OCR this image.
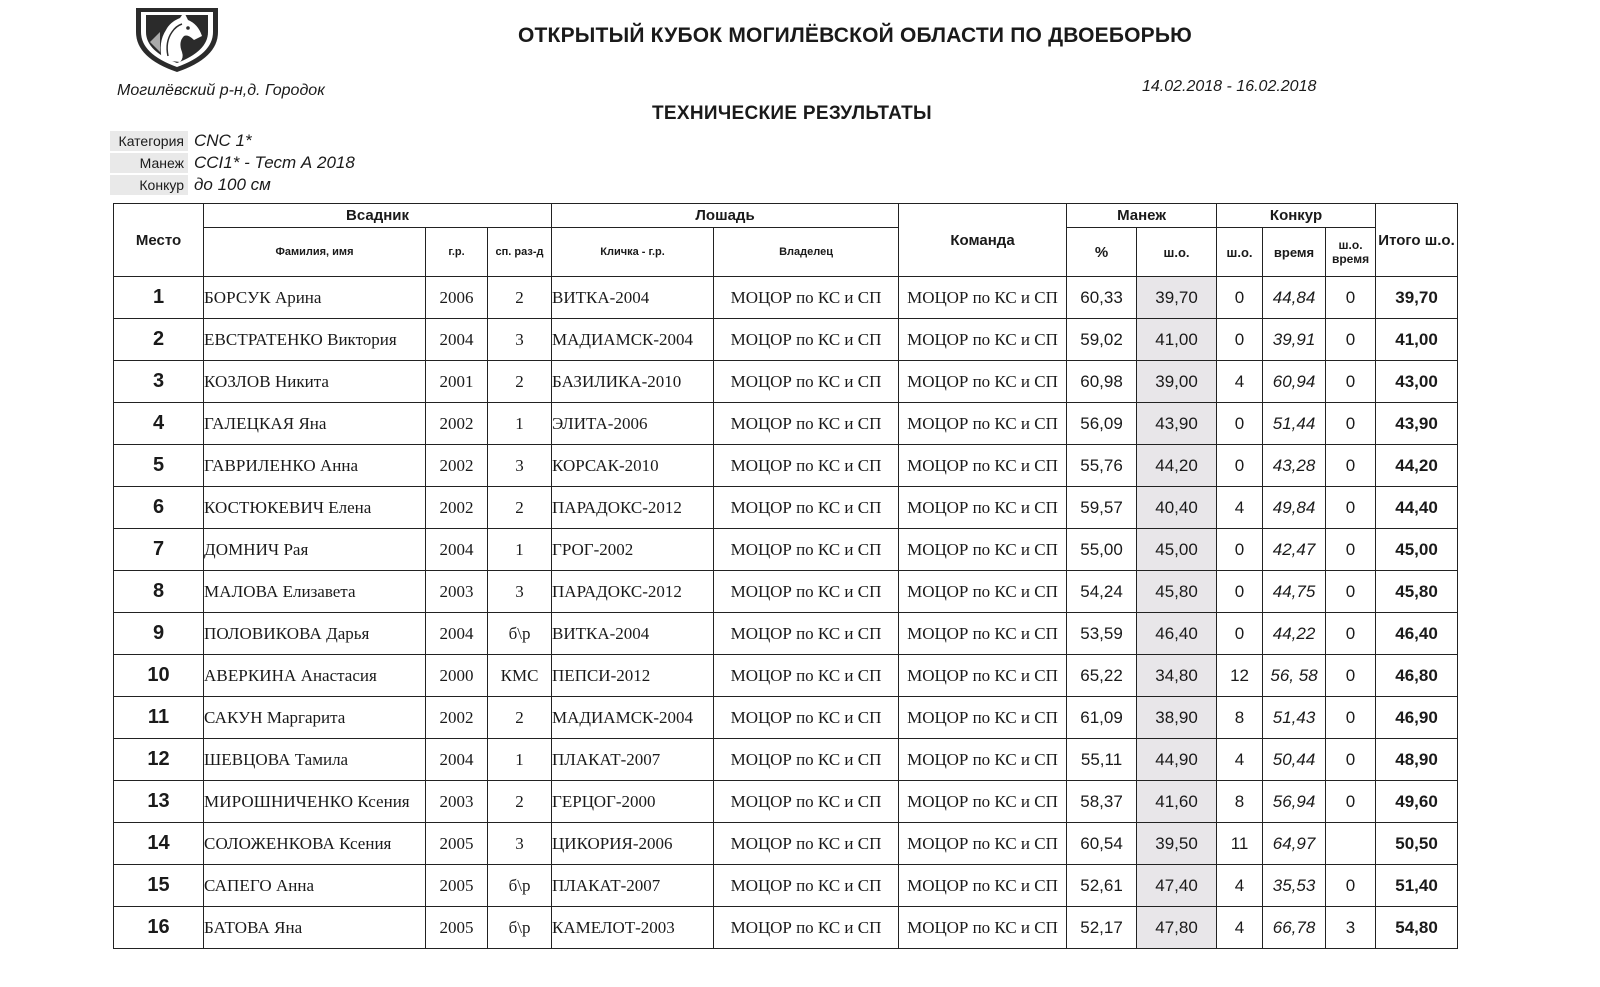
Могилёвский р-н,д. Городок
ОТКРЫТЫЙ КУБОК МОГИЛЁВСКОЙ ОБЛАСТИ ПО ДВОЕБОРЬЮ
14.02.2018 - 16.02.2018
ТЕХНИЧЕСКИЕ РЕЗУЛЬТАТЫ
Категория CNC 1*
Манеж CCI1* - Тест А 2018
Конкур до 100 см
Место	Всадник			Лошадь		Команда	Манеж		Конкур			Итого ш.о.
	Фамилия, имя	г.р.	сп. раз-д	Кличка - г.р.	Владелец		%	ш.о.	ш.о.	время	ш.о. время	
1	БОРСУК Арина	2006	2	ВИТКА-2004	МОЦОР по КС и СП	МОЦОР по КС и СП	60,33	39,70	0	44,84	0	39,70
2	ЕВСТРАТЕНКО Виктория	2004	3	МАДИАМСК-2004	МОЦОР по КС и СП	МОЦОР по КС и СП	59,02	41,00	0	39,91	0	41,00
3	КОЗЛОВ Никита	2001	2	БАЗИЛИКА-2010	МОЦОР по КС и СП	МОЦОР по КС и СП	60,98	39,00	4	60,94	0	43,00
4	ГАЛЕЦКАЯ Яна	2002	1	ЭЛИТА-2006	МОЦОР по КС и СП	МОЦОР по КС и СП	56,09	43,90	0	51,44	0	43,90
5	ГАВРИЛЕНКО Анна	2002	3	КОРСАК-2010	МОЦОР по КС и СП	МОЦОР по КС и СП	55,76	44,20	0	43,28	0	44,20
6	КОСТЮКЕВИЧ Елена	2002	2	ПАРАДОКС-2012	МОЦОР по КС и СП	МОЦОР по КС и СП	59,57	40,40	4	49,84	0	44,40
7	ДОМНИЧ Рая	2004	1	ГРОГ-2002	МОЦОР по КС и СП	МОЦОР по КС и СП	55,00	45,00	0	42,47	0	45,00
8	МАЛОВА Елизавета	2003	3	ПАРАДОКС-2012	МОЦОР по КС и СП	МОЦОР по КС и СП	54,24	45,80	0	44,75	0	45,80
9	ПОЛОВИКОВА Дарья	2004	б\р	ВИТКА-2004	МОЦОР по КС и СП	МОЦОР по КС и СП	53,59	46,40	0	44,22	0	46,40
10	АВЕРКИНА Анастасия	2000	КМС	ПЕПСИ-2012	МОЦОР по КС и СП	МОЦОР по КС и СП	65,22	34,80	12	56, 58	0	46,80
11	САКУН Маргарита	2002	2	МАДИАМСК-2004	МОЦОР по КС и СП	МОЦОР по КС и СП	61,09	38,90	8	51,43	0	46,90
12	ШЕВЦОВА Тамила	2004	1	ПЛАКАТ-2007	МОЦОР по КС и СП	МОЦОР по КС и СП	55,11	44,90	4	50,44	0	48,90
13	МИРОШНИЧЕНКО Ксения	2003	2	ГЕРЦОГ-2000	МОЦОР по КС и СП	МОЦОР по КС и СП	58,37	41,60	8	56,94	0	49,60
14	СОЛОЖЕНКОВА Ксения	2005	3	ЦИКОРИЯ-2006	МОЦОР по КС и СП	МОЦОР по КС и СП	60,54	39,50	11	64,97		50,50
15	САПЕГО Анна	2005	б\р	ПЛАКАТ-2007	МОЦОР по КС и СП	МОЦОР по КС и СП	52,61	47,40	4	35,53	0	51,40
16	БАТОВА Яна	2005	б\р	КАМЕЛОТ-2003	МОЦОР по КС и СП	МОЦОР по КС и СП	52,17	47,80	4	66,78	3	54,80
